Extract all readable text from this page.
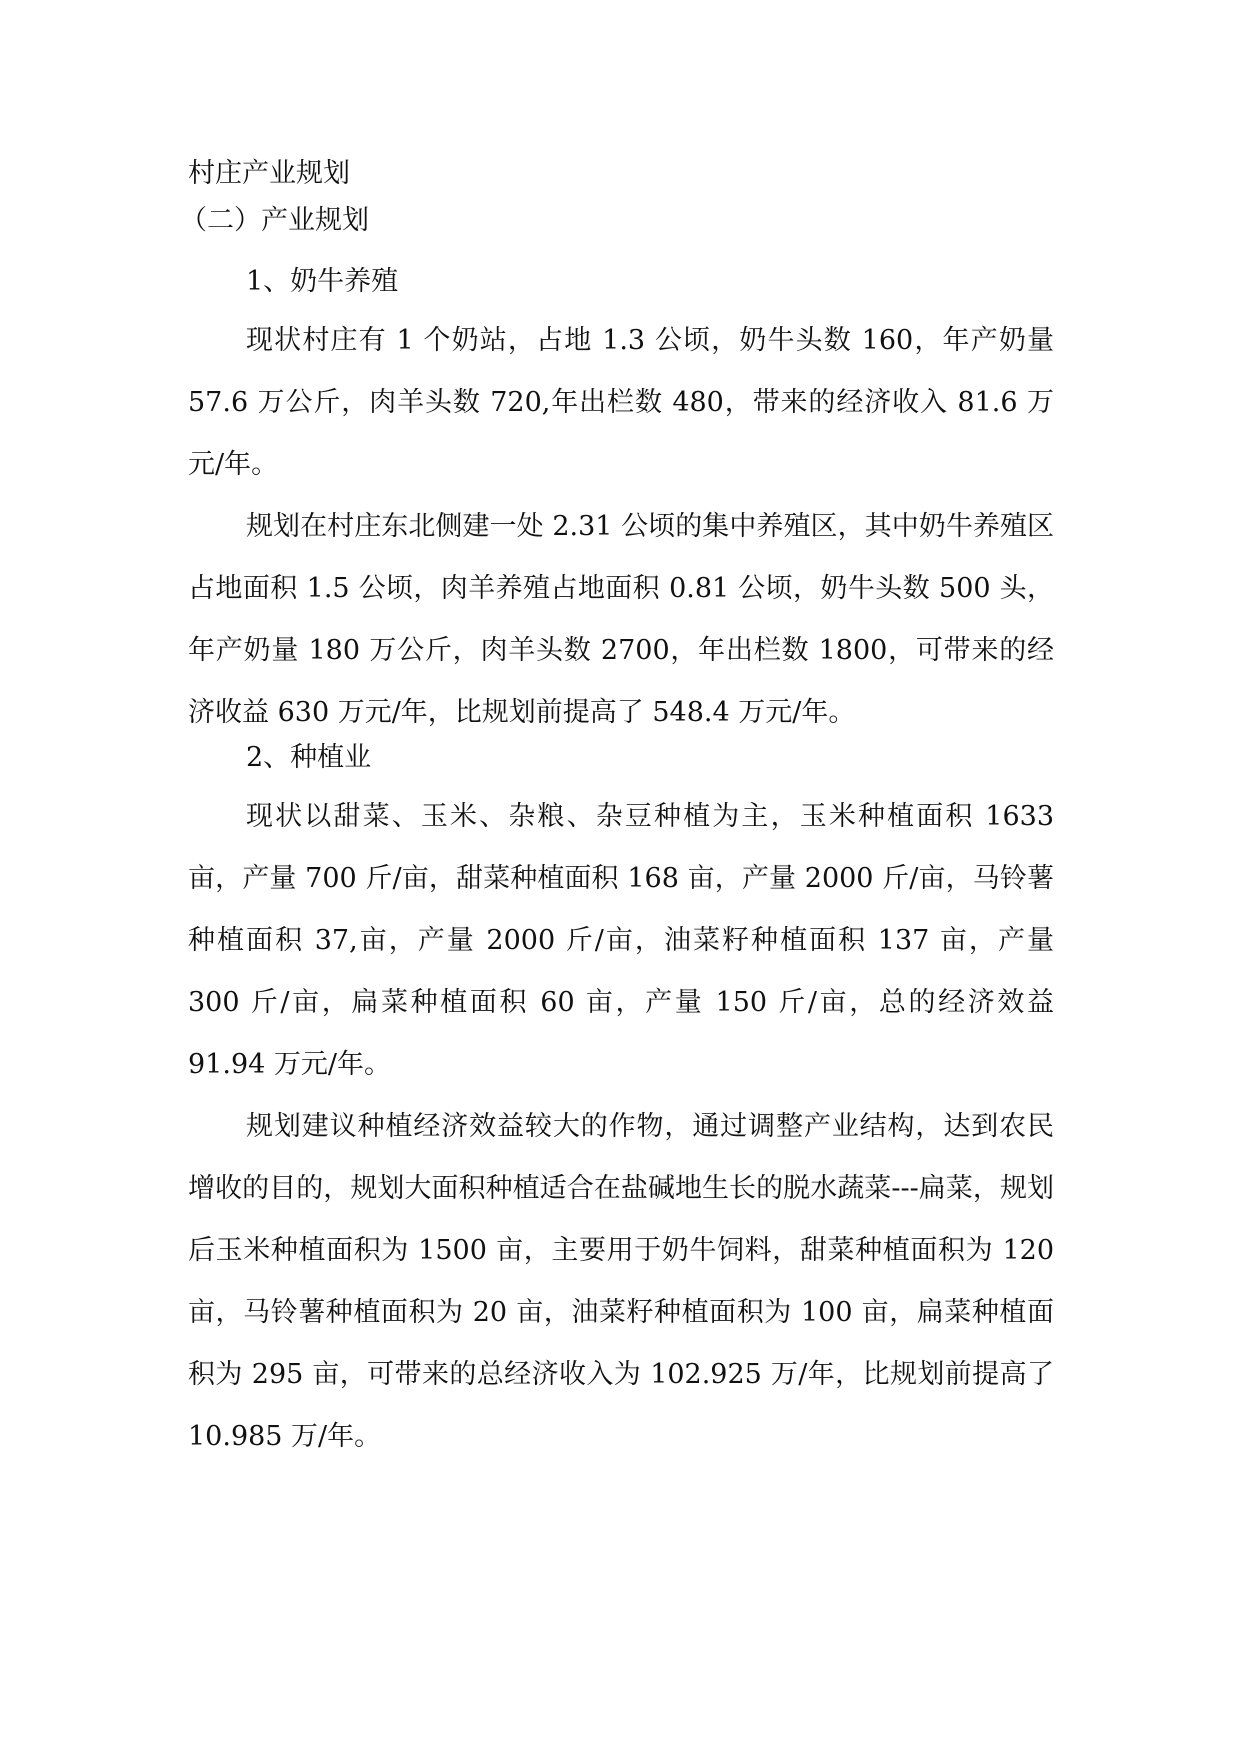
村庄产业规划
（二）产业规划
1、奶牛养殖

现状村庄有 1 个奶站，占地 1.3 公顷，奶牛头数 160，年产奶量 57.6 万公斤，肉羊头数 720,年出栏数 480，带来的经济收入 81.6 万元/年。

规划在村庄东北侧建一处 2.31 公顷的集中养殖区，其中奶牛养殖区占地面积 1.5 公顷，肉羊养殖占地面积 0.81 公顷，奶牛头数 500 头，年产奶量 180 万公斤，肉羊头数 2700，年出栏数 1800，可带来的经济收益 630 万元/年，比规划前提高了 548.4 万元/年。

2、种植业

现状以甜菜、玉米、杂粮、杂豆种植为主，玉米种植面积 1633 亩，产量 700 斤/亩，甜菜种植面积 168 亩，产量 2000 斤/亩，马铃薯种植面积 37,亩，产量 2000 斤/亩，油菜籽种植面积 137 亩，产量 300 斤/亩，扁菜种植面积 60 亩，产量 150 斤/亩，总的经济效益 91.94 万元/年。

规划建议种植经济效益较大的作物，通过调整产业结构，达到农民增收的目的，规划大面积种植适合在盐碱地生长的脱水蔬菜---扁菜，规划后玉米种植面积为 1500 亩，主要用于奶牛饲料，甜菜种植面积为 120 亩，马铃薯种植面积为 20 亩，油菜籽种植面积为 100 亩，扁菜种植面积为 295 亩，可带来的总经济收入为 102.925 万/年，比规划前提高了 10.985 万/年。
